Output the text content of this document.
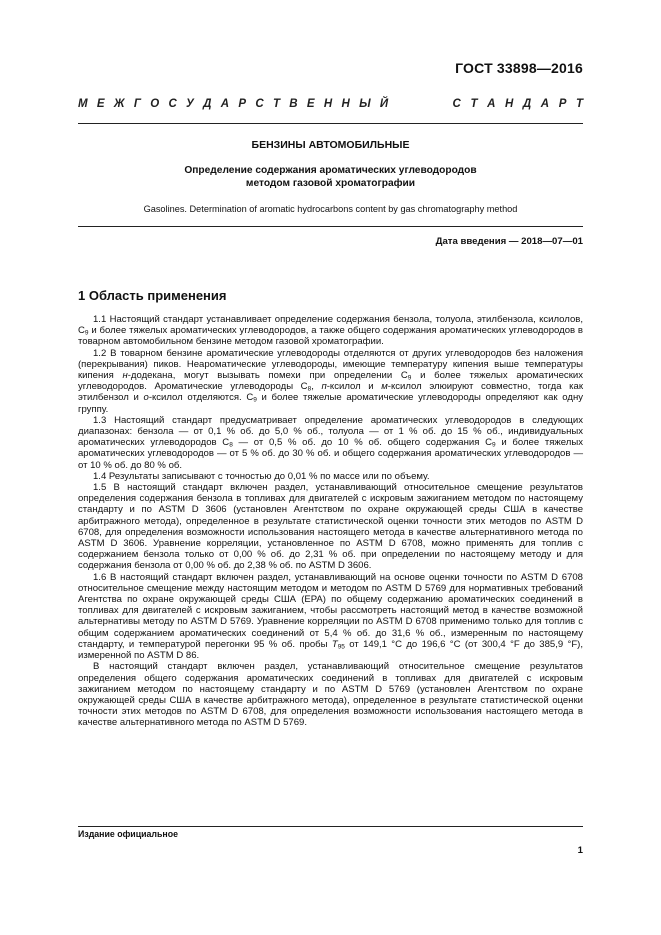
ГОСТ 33898—2016
М Е Ж Г О С У Д А Р С Т В Е Н Н Ы Й	С Т А Н Д А Р Т
БЕНЗИНЫ АВТОМОБИЛЬНЫЕ
Определение содержания ароматических углеводородов
методом газовой хроматографии
Gasolines. Determination of aromatic hydrocarbons content by gas chromatography method
Дата введения — 2018—07—01
1 Область применения

1.1 Настоящий стандарт устанавливает определение содержания бензола, толуола, этилбензола, ксилолов, $C_9$ и более тяжелых ароматических углеводородов, а также общего содержания ароматических углеводородов в товарном автомобильном бензине методом газовой хроматографии.

1.2 В товарном бензине ароматические углеводороды отделяются от других углеводородов без наложения (перекрывания) пиков. Неароматические углеводороды, имеющие температуру кипения выше температуры кипения н-додекана, могут вызывать помехи при определении $C_9$ и более тяжелых ароматических углеводородов. Ароматические углеводороды $C_8$, п-ксилол и м-ксилол элюируют совместно, тогда как этилбензол и о-ксилол отделяются. $C_9$ и более тяжелые ароматические углеводороды определяют как одну группу.

1.3 Настоящий стандарт предусматривает определение ароматических углеводородов в следующих диапазонах: бензола — от 0,1 % об. до 5,0 % об., толуола — от 1 % об. до 15 % об., индивидуальных ароматических углеводородов $C_8$ — от 0,5 % об. до 10 % об. общего содержания $C_9$ и более тяжелых ароматических углеводородов — от 5 % об. до 30 % об. и общего содержания ароматических углеводородов — от 10 % об. до 80 % об.

1.4 Результаты записывают с точностью до 0,01 % по массе или по объему.

1.5 В настоящий стандарт включен раздел, устанавливающий относительное смещение результатов определения содержания бензола в топливах для двигателей с искровым зажиганием методом по настоящему стандарту и по ASTM D 3606 (установлен Агентством по охране окружающей среды США в качестве арбитражного метода), определенное в результате статистической оценки точности этих методов по ASTM D 6708, для определения возможности использования настоящего метода в качестве альтернативного метода по ASTM D 3606. Уравнение корреляции, установленное по ASTM D 6708, можно применять для топлив с содержанием бензола только от 0,00 % об. до 2,31 % об. при определении по настоящему методу и для содержания бензола от 0,00 % об. до 2,38 % об. по ASTM D 3606.

1.6 В настоящий стандарт включен раздел, устанавливающий на основе оценки точности по ASTM D 6708 относительное смещение между настоящим методом и методом по ASTM D 5769 для нормативных требований Агентства по охране окружающей среды США (EPA) по общему содержанию ароматических соединений в топливах для двигателей с искровым зажиганием, чтобы рассмотреть настоящий метод в качестве возможной альтернативы методу по ASTM D 5769. Уравнение корреляции по ASTM D 6708 применимо только для топлив с общим содержанием ароматических соединений от 5,4 % об. до 31,6 % об., измеренным по настоящему стандарту, и температурой перегонки 95 % об. пробы $T_{95}$ от 149,1 °C до 196,6 °C (от 300,4 °F до 385,9 °F), измеренной по ASTM D 86.

В настоящий стандарт включен раздел, устанавливающий относительное смещение результатов определения общего содержания ароматических соединений в топливах для двигателей с искровым зажиганием методом по настоящему стандарту и по ASTM D 5769 (установлен Агентством по охране окружающей среды США в качестве арбитражного метода), определенное в результате статистической оценки точности этих методов по ASTM D 6708, для определения возможности использования настоящего метода в качестве альтернативного метода по ASTM D 5769.

Издание официальное
1
